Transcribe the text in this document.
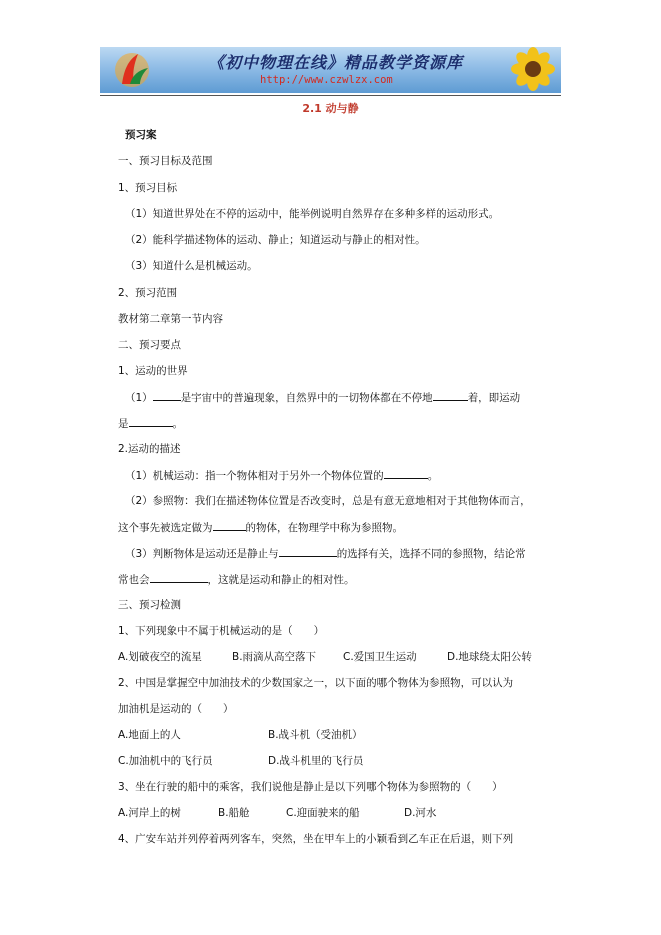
《初中物理在线》精品教学资源库
http://www.czwlzx.com
2.1 动与静
预习案
一、预习目标及范围
1、预习目标
（1）知道世界处在不停的运动中，能举例说明自然界存在多种多样的运动形式。
（2）能科学描述物体的运动、静止；知道运动与静止的相对性。
（3）知道什么是机械运动。
2、预习范围
教材第二章第一节内容
二、预习要点
1、运动的世界
（1）	是宇宙中的普遍现象，自然界中的一切物体都在不停地	着，即运动
是	。
2.运动的描述
（1）机械运动：指一个物体相对于另外一个物体位置的	。
（2）参照物：我们在描述物体位置是否改变时，总是有意无意地相对于其他物体而言，
这个事先被选定做为	的物体，在物理学中称为参照物。
（3）判断物体是运动还是静止与	的选择有关，选择不同的参照物，结论常
常也会	，这就是运动和静止的相对性。
三、预习检测
1、下列现象中不属于机械运动的是（　　）
A.划破夜空的流星	B.雨滴从高空落下	C.爱国卫生运动	D.地球绕太阳公转
2、中国是掌握空中加油技术的少数国家之一，以下面的哪个物体为参照物，可以认为
加油机是运动的（　　）
A.地面上的人	B.战斗机（受油机）
C.加油机中的飞行员	D.战斗机里的飞行员
3、坐在行驶的船中的乘客，我们说他是静止是以下列哪个物体为参照物的（　　）
A.河岸上的树	B.船舱	C.迎面驶来的船	D.河水
4、广安车站并列停着两列客车，突然，坐在甲车上的小颖看到乙车正在后退，则下列
